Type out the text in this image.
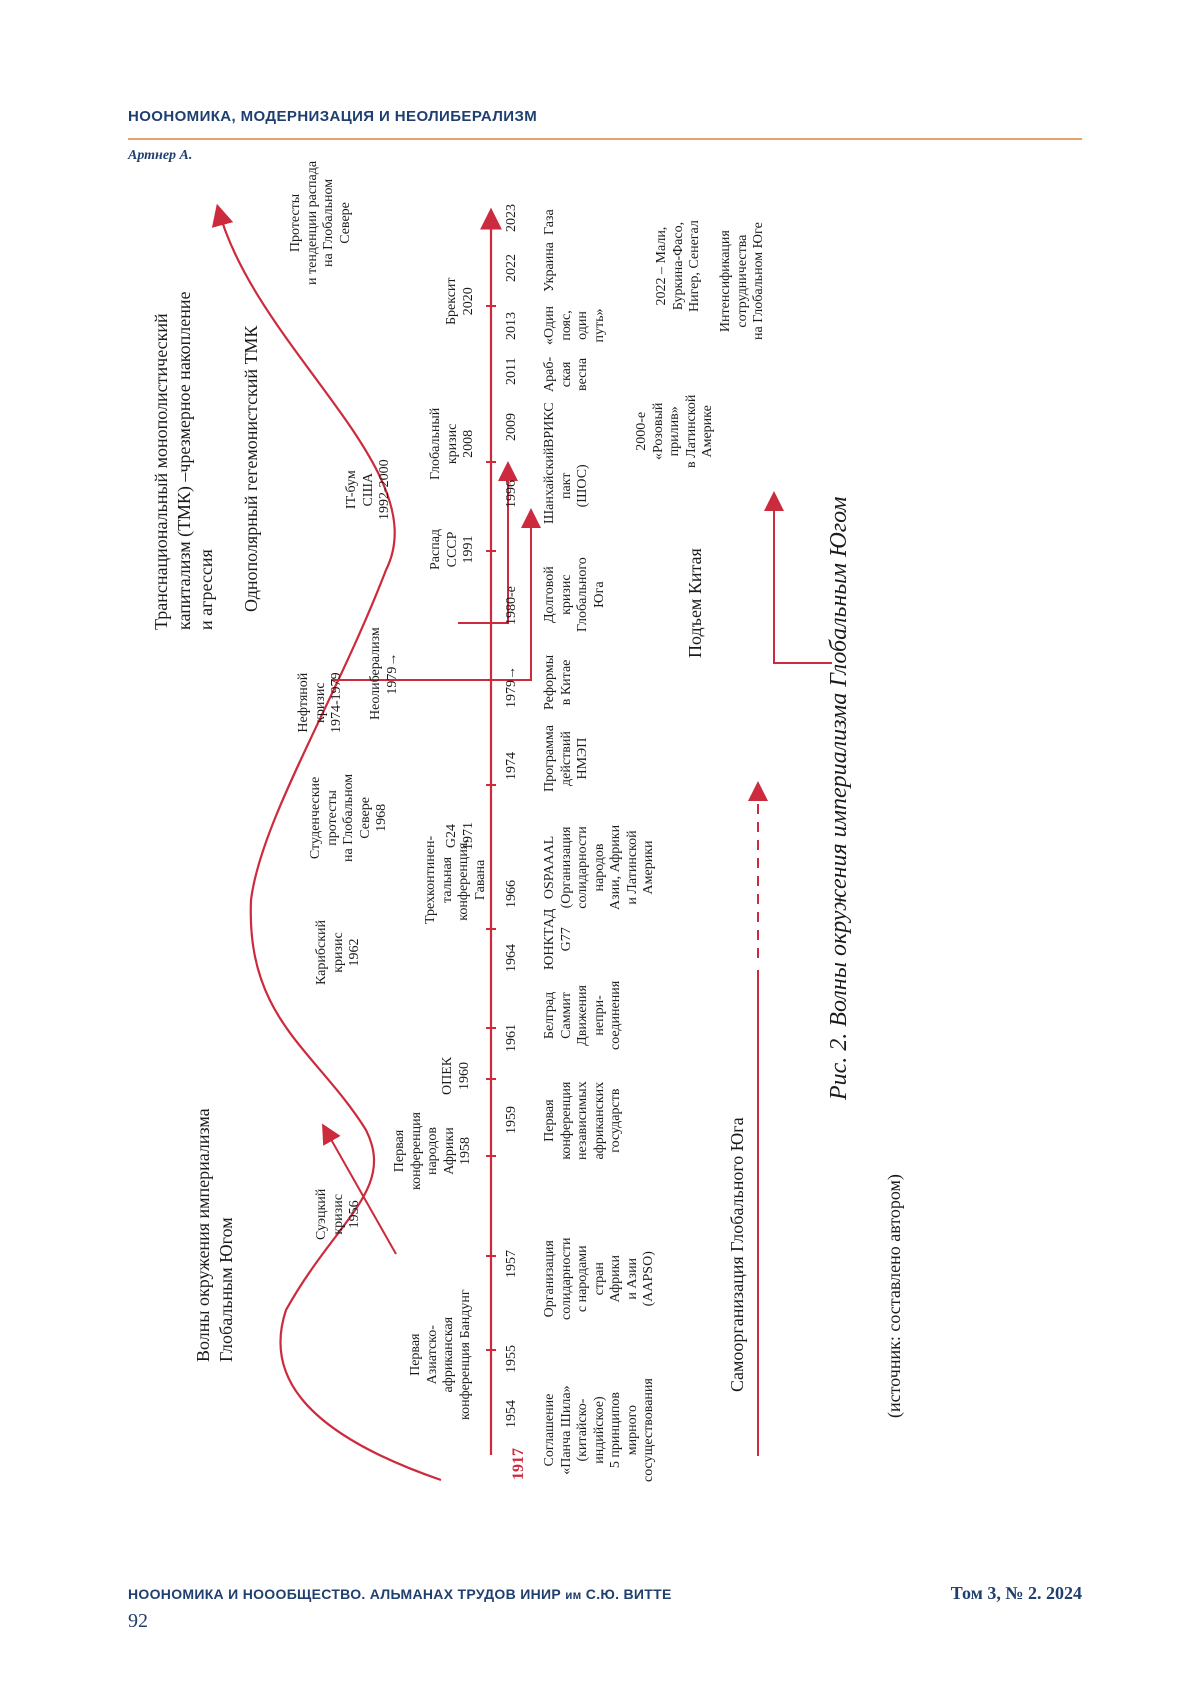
НООНОМИКА, МОДЕРНИЗАЦИЯ И НЕОЛИБЕРАЛИЗМ
Артнер А.
Волны окружения империализма Глобальным Югом
Транснациональный монополистический капитализм (ТМК) –чрезмерное накопление и агрессия Однополярный гегемонистский ТМК	Подъем Китая
Самоорганизация Глобального Юга
Суэцкий кризис 1956
Карибский кризис 1962
Студенческие протесты на Глобальном Севере 1968
Нефтяной кризис 1974-1979 Неолиберализм 1979→
IT-бум США 1992-2000
Протесты и тенденции распада на Глобальном Севере
Первая Азиатско- африканская конференция Бандунг
Первая конференция народов Африки 1958
ОПЕК 1960
Трехконтинен- тальная конференция, Гавана
G24 1971
Распад СССР 1991
Глобальный кризис 2008
Брексит 2020
1917
1954
1955
1957
1959
1961
1964
1966
1974
1979→
1980-е
1996
2009
2011
2013
2022
2023
Соглашение «Панча Шила» (китайско- индийское) 5 принципов мирного сосуществования
Организация солидарности с народами стран Африки и Азии (AAPSO)
Первая конференция независимых африканских государств
Белград Саммит Движения непри- соединения
ЮНКТАД G77
OSPAAAL (Организация солидарности народов Азии, Африки и Латинской Америки
Программа действий НМЭП
Реформы в Китае
Долговой кризис Глобального Юга
Шанхайский пакт (ШОС)
ВРИКС
Араб- ская весна
«Один пояс, один путь»
Украина
Газа
2000-е «Розовый прилив» в Латинской Америке
2022 – Мали, Буркина-Фасо, Нигер, Сенегал Интенсификация сотрудничества на Глобальном Юге
Рис. 2. Волны окружения империализма Глобальным Югом
(источник: составлено автором)
НООНОМИКА И НОООБЩЕСТВО. АЛЬМАНАХ ТРУДОВ ИНИР им С.Ю. ВИТТЕ	Том 3, № 2. 2024
92
